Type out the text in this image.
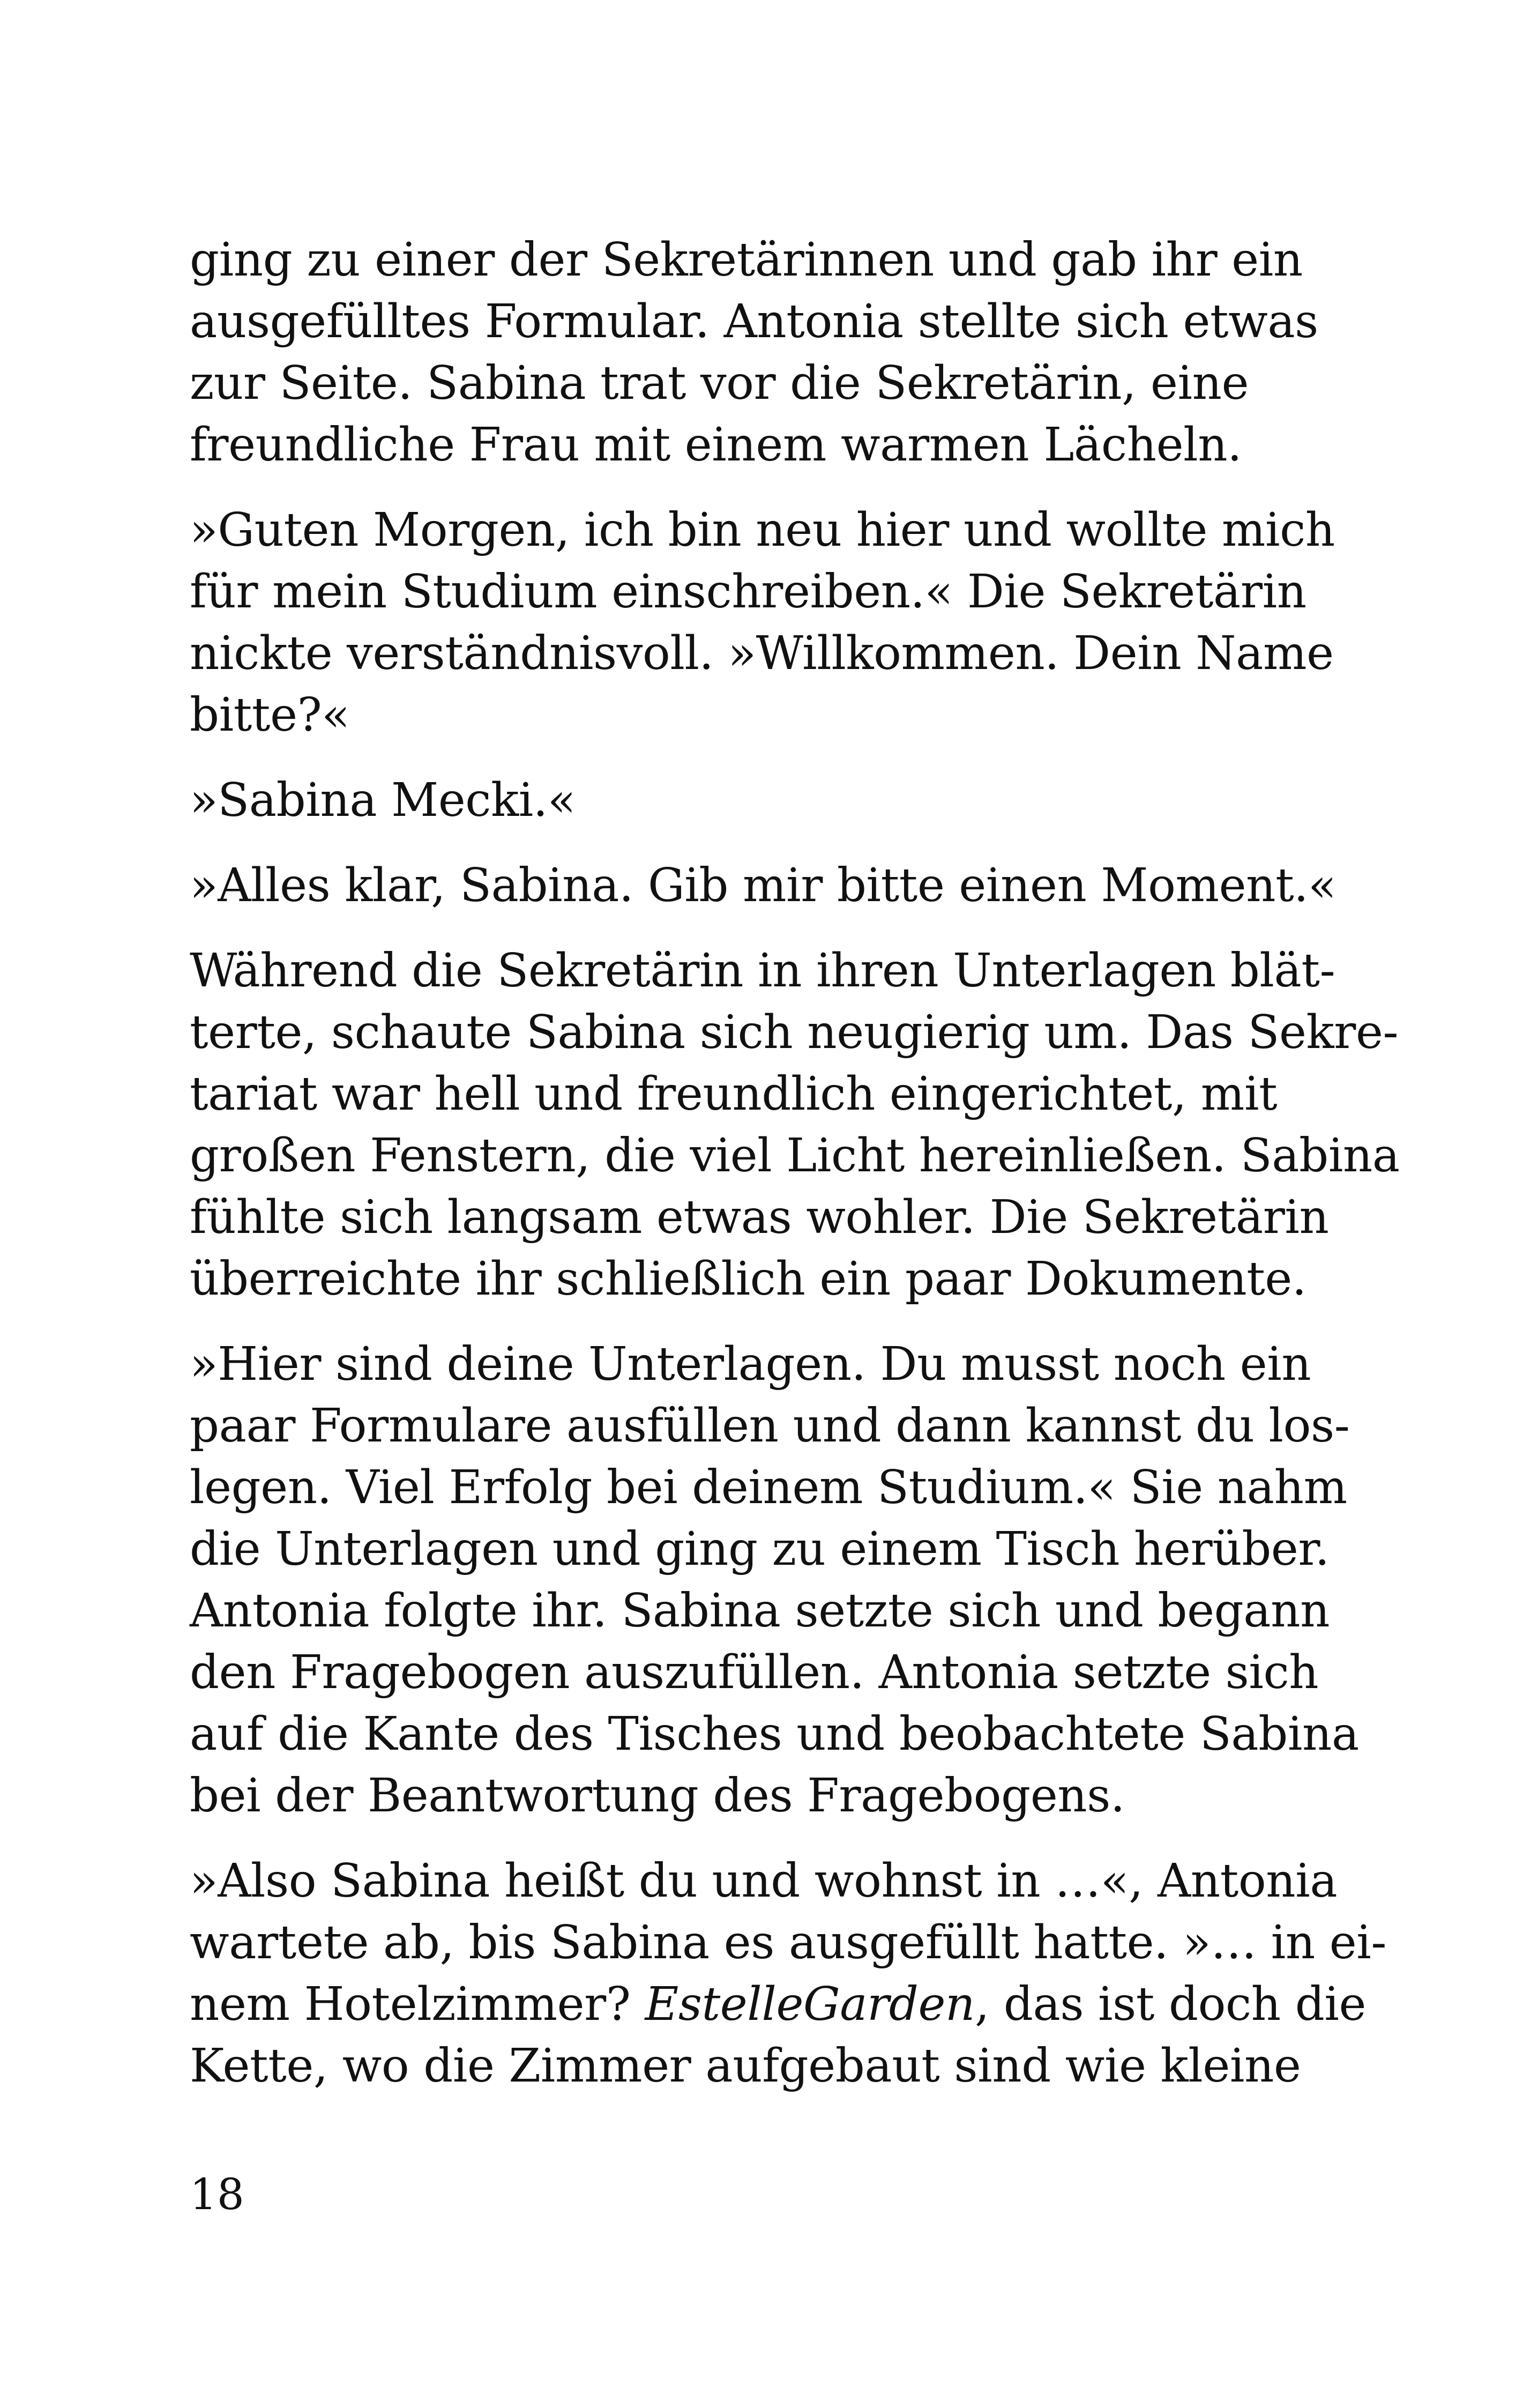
ging zu einer der Sekretärinnen und gab ihr ein
ausgefülltes Formular. Antonia stellte sich etwas
zur Seite. Sabina trat vor die Sekretärin, eine
freundliche Frau mit einem warmen Lächeln.

»Guten Morgen, ich bin neu hier und wollte mich
für mein Studium einschreiben.« Die Sekretärin
nickte verständnisvoll. »Willkommen. Dein Name
bitte?«

»Sabina Mecki.«

»Alles klar, Sabina. Gib mir bitte einen Moment.«

Während die Sekretärin in ihren Unterlagen blät-
terte, schaute Sabina sich neugierig um. Das Sekre-
tariat war hell und freundlich eingerichtet, mit
großen Fenstern, die viel Licht hereinließen. Sabina
fühlte sich langsam etwas wohler. Die Sekretärin
überreichte ihr schließlich ein paar Dokumente.

»Hier sind deine Unterlagen. Du musst noch ein
paar Formulare ausfüllen und dann kannst du los-
legen. Viel Erfolg bei deinem Studium.« Sie nahm
die Unterlagen und ging zu einem Tisch herüber.
Antonia folgte ihr. Sabina setzte sich und begann
den Fragebogen auszufüllen. Antonia setzte sich
auf die Kante des Tisches und beobachtete Sabina
bei der Beantwortung des Fragebogens.

»Also Sabina heißt du und wohnst in …«, Antonia
wartete ab, bis Sabina es ausgefüllt hatte. »… in ei-
nem Hotelzimmer? EstelleGarden, das ist doch die
Kette, wo die Zimmer aufgebaut sind wie kleine

18
